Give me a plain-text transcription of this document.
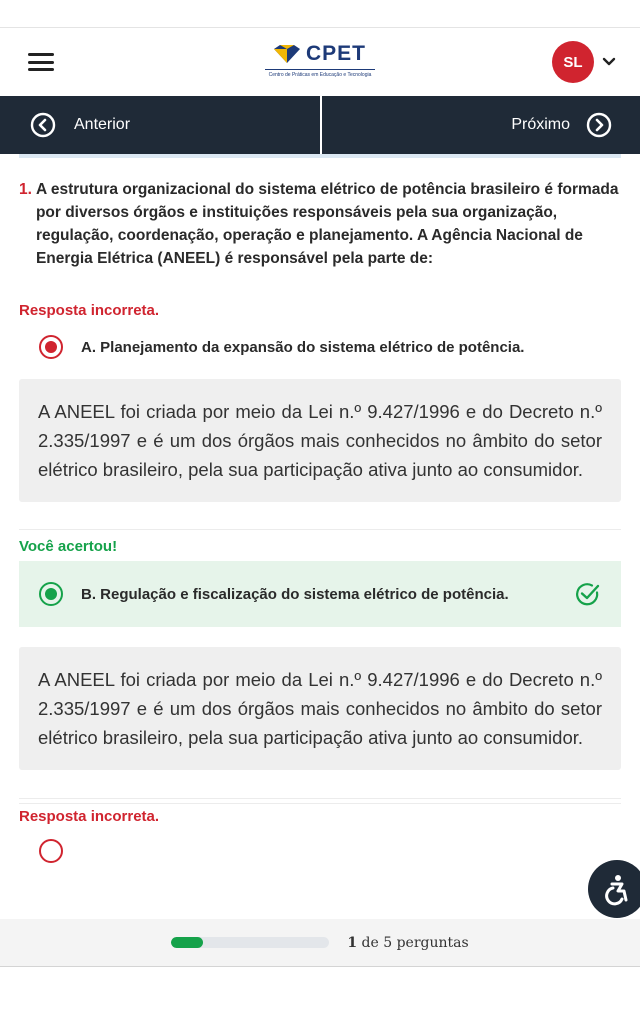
CPET
Centro de Práticas em Educação e Tecnologia
SL
Anterior	Próximo
1. A estrutura organizacional do sistema elétrico de potência brasileiro é formada por diversos órgãos e instituições responsáveis pela sua organização, regulação, coordenação, operação e planejamento. A Agência Nacional de Energia Elétrica (ANEEL) é responsável pela parte de:
Resposta incorreta.
A. Planejamento da expansão do sistema elétrico de potência.
A ANEEL foi criada por meio da Lei n.º 9.427/1996 e do Decreto n.º 2.335/1997 e é um dos órgãos mais conhecidos no âmbito do setor elétrico brasileiro, pela sua participação ativa junto ao consumidor.
Você acertou!
B. Regulação e fiscalização do sistema elétrico de potência.
A ANEEL foi criada por meio da Lei n.º 9.427/1996 e do Decreto n.º 2.335/1997 e é um dos órgãos mais conhecidos no âmbito do setor elétrico brasileiro, pela sua participação ativa junto ao consumidor.
Resposta incorreta.
1 de 5 perguntas
